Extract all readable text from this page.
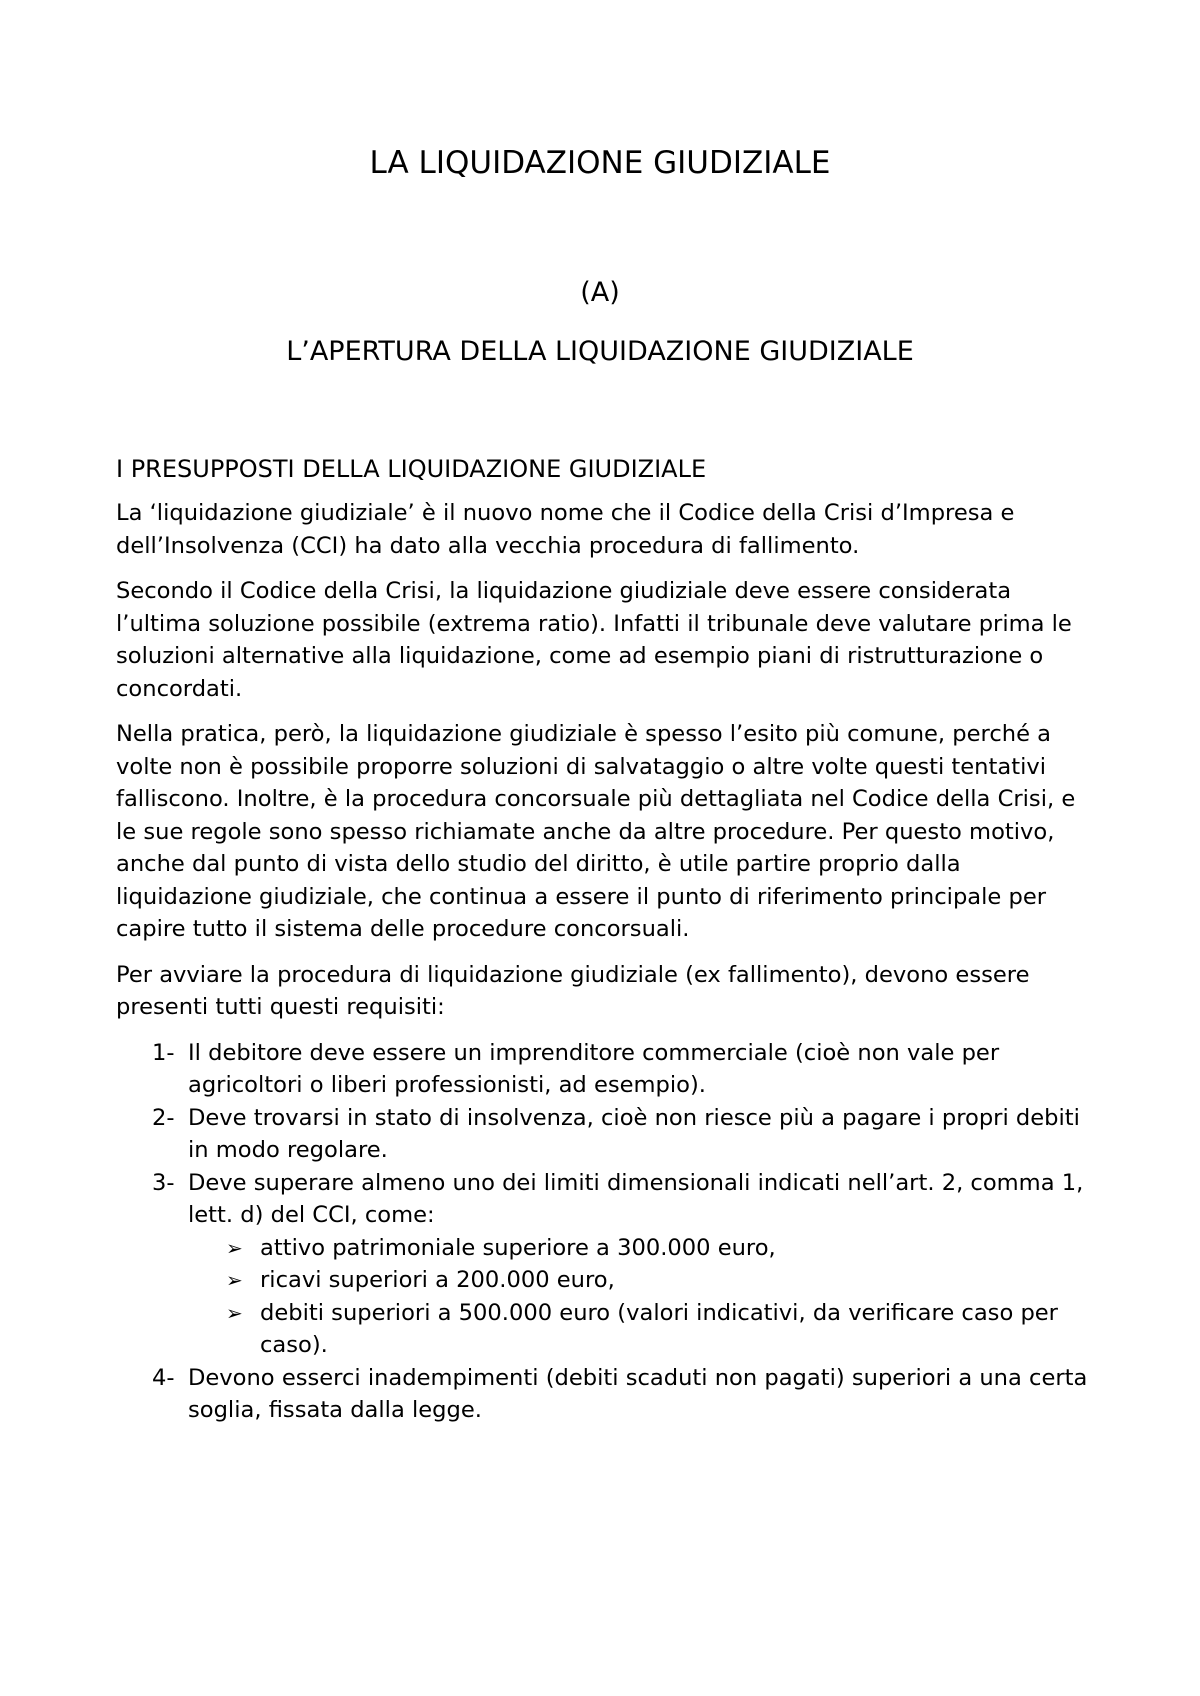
LA LIQUIDAZIONE GIUDIZIALE
(A)
L’APERTURA DELLA LIQUIDAZIONE GIUDIZIALE
I PRESUPPOSTI DELLA LIQUIDAZIONE GIUDIZIALE

La ‘liquidazione giudiziale’ è il nuovo nome che il Codice della Crisi d’Impresa e dell’Insolvenza (CCI) ha dato alla vecchia procedura di fallimento.

Secondo il Codice della Crisi, la liquidazione giudiziale deve essere considerata l’ultima soluzione possibile (extrema ratio). Infatti il tribunale deve valutare prima le soluzioni alternative alla liquidazione, come ad esempio piani di ristrutturazione o concordati.

Nella pratica, però, la liquidazione giudiziale è spesso l’esito più comune, perché a volte non è possibile proporre soluzioni di salvataggio o altre volte questi tentativi falliscono. Inoltre, è la procedura concorsuale più dettagliata nel Codice della Crisi, e le sue regole sono spesso richiamate anche da altre procedure. Per questo motivo, anche dal punto di vista dello studio del diritto, è utile partire proprio dalla liquidazione giudiziale, che continua a essere il punto di riferimento principale per capire tutto il sistema delle procedure concorsuali.

Per avviare la procedura di liquidazione giudiziale (ex fallimento), devono essere presenti tutti questi requisiti:

1- Il debitore deve essere un imprenditore commerciale (cioè non vale per agricoltori o liberi professionisti, ad esempio).
2- Deve trovarsi in stato di insolvenza, cioè non riesce più a pagare i propri debiti in modo regolare.
3- Deve superare almeno uno dei limiti dimensionali indicati nell’art. 2, comma 1, lett. d) del CCI, come:
➢ attivo patrimoniale superiore a 300.000 euro,
➢ ricavi superiori a 200.000 euro,
➢ debiti superiori a 500.000 euro (valori indicativi, da verificare caso per caso).
4- Devono esserci inadempimenti (debiti scaduti non pagati) superiori a una certa soglia, fissata dalla legge.
